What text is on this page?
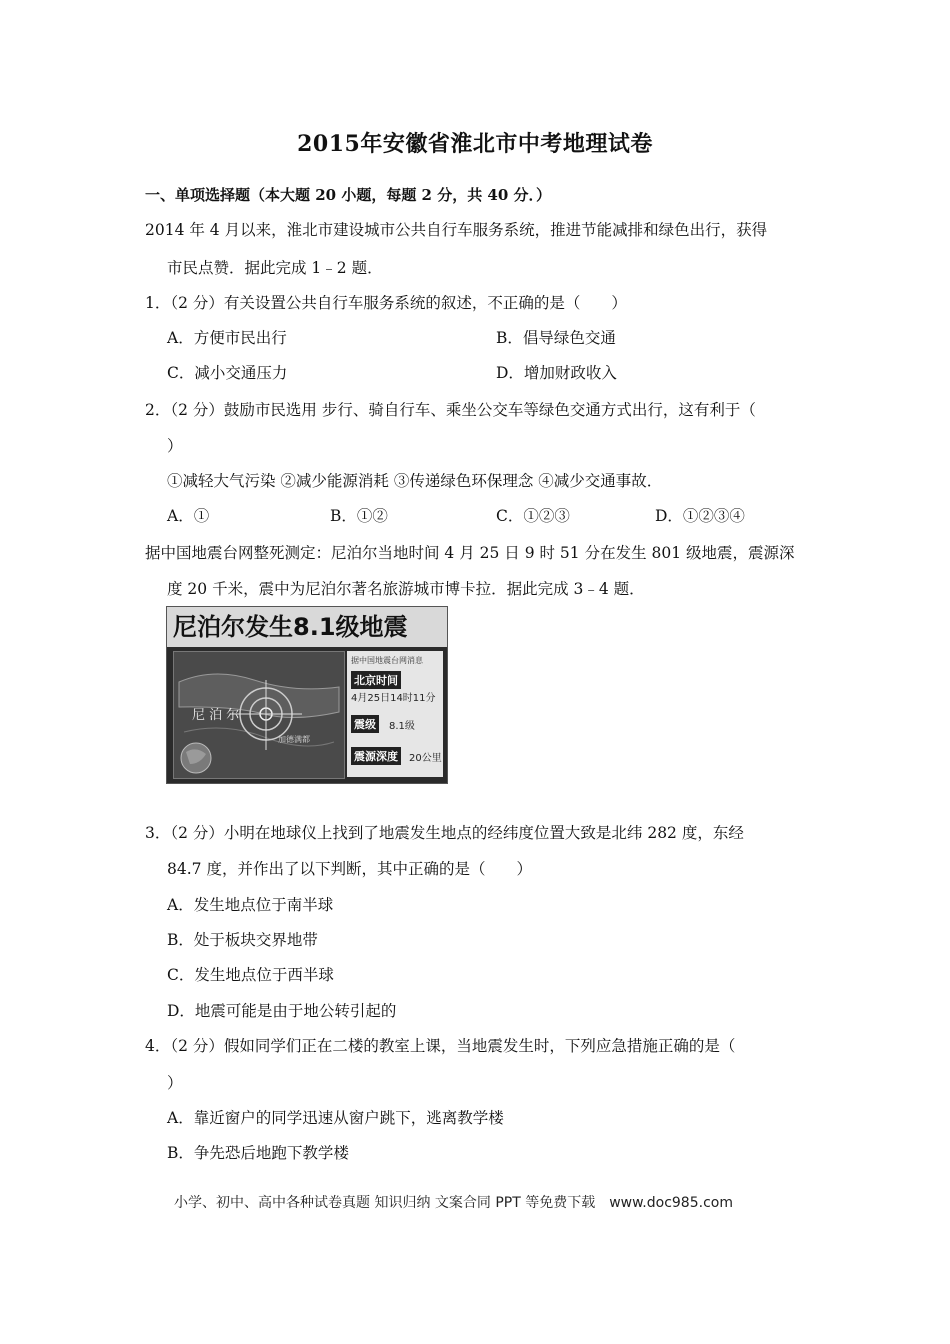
2015年安徽省淮北市中考地理试卷
一、单项选择题（本大题 20 小题，每题 2 分，共 40 分．）
2014 年 4 月以来，淮北市建设城市公共自行车服务系统，推进节能减排和绿色出行，获得
市民点赞．据此完成 1﹣2 题．
1．（2 分）有关设置公共自行车服务系统的叙述，不正确的是（　　）
A．方便市民出行	B．倡导绿色交通
C．减小交通压力	D．增加财政收入
2．（2 分）鼓励市民选用 步行、骑自行车、乘坐公交车等绿色交通方式出行，这有利于（
）
①减轻大气污染 ②减少能源消耗 ③传递绿色环保理念 ④减少交通事故．
A．①	B．①②	C．①②③	D．①②③④
据中国地震台网整死测定：尼泊尔当地时间 4 月 25 日 9 时 51 分在发生 801 级地震，震源深
度 20 千米，震中为尼泊尔著名旅游城市博卡拉．据此完成 3﹣4 题．
尼泊尔发生8.1级地震
尼 泊 尔
加德满都
据中国地震台网消息
北京时间
4月25日14时11分
震级	8.1级
震源深度	20公里
3．（2 分）小明在地球仪上找到了地震发生地点的经纬度位置大致是北纬 282 度，东经
84.7 度，并作出了以下判断，其中正确的是（　　）
A．发生地点位于南半球
B．处于板块交界地带
C．发生地点位于西半球
D．地震可能是由于地公转引起的
4．（2 分）假如同学们正在二楼的教室上课，当地震发生时，下列应急措施正确的是（
）
A．靠近窗户的同学迅速从窗户跳下，逃离教学楼
B．争先恐后地跑下教学楼
小学、初中、高中各种试卷真题 知识归纳 文案合同 PPT 等免费下载　www.doc985.com
